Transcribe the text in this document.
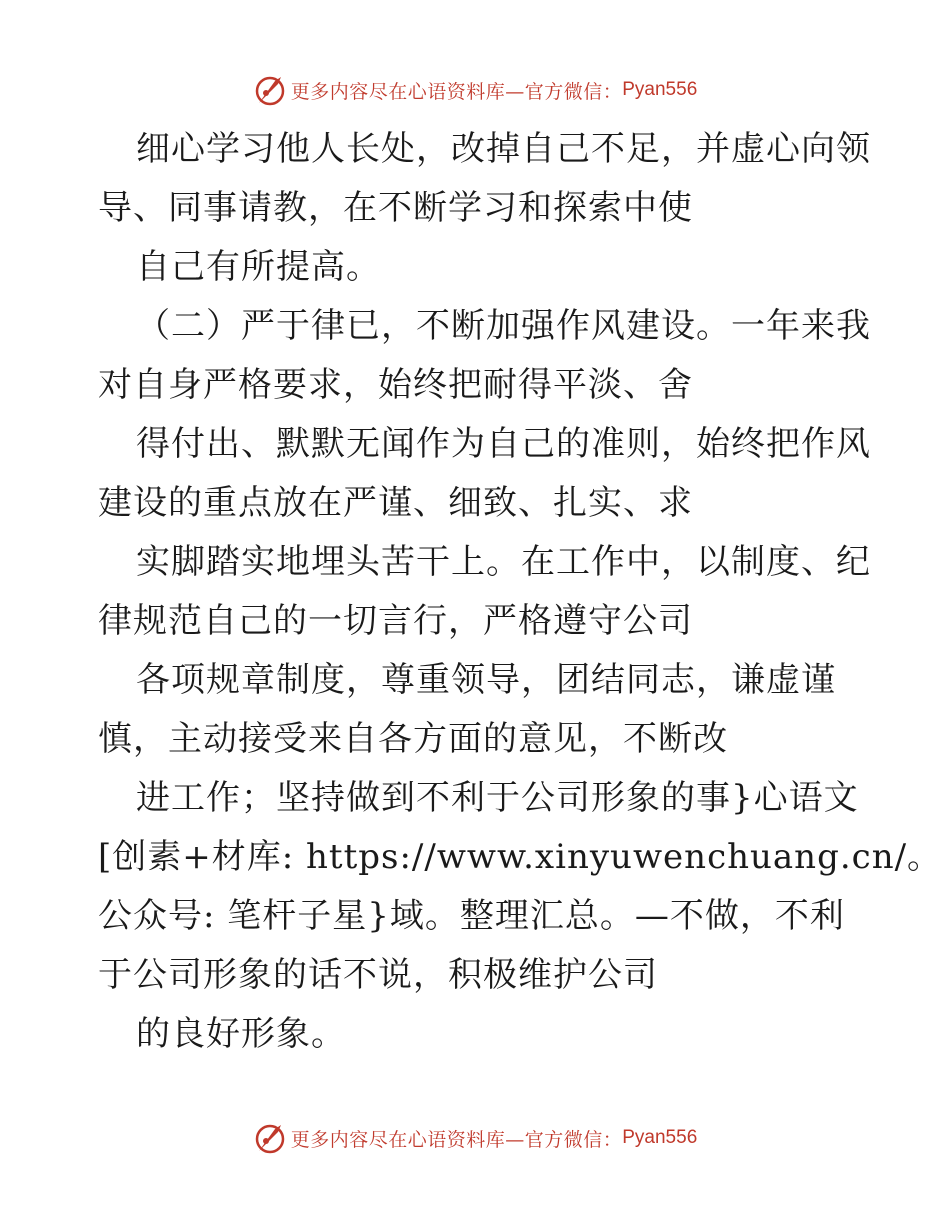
更多内容尽在心语资料库—官方微信： Pyan556

细心学习他人长处，改掉自己不足，并虚心向领

导、同事请教，在不断学习和探索中使

自己有所提高。

（二）严于律已，不断加强作风建设。一年来我

对自身严格要求，始终把耐得平淡、舍

得付出、默默无闻作为自己的准则，始终把作风

建设的重点放在严谨、细致、扎实、求

实脚踏实地埋头苦干上。在工作中，以制度、纪

律规范自己的一切言行，严格遵守公司

各项规章制度，尊重领导，团结同志，谦虚谨

慎，主动接受来自各方面的意见，不断改

进工作；坚持做到不利于公司形象的事}心语文

[创素+材库: https://www.xinyuwenchuang.cn/。

公众号: 笔杆子星}域。整理汇总。—不做，不利

于公司形象的话不说，积极维护公司

的良好形象。

更多内容尽在心语资料库—官方微信： Pyan556
